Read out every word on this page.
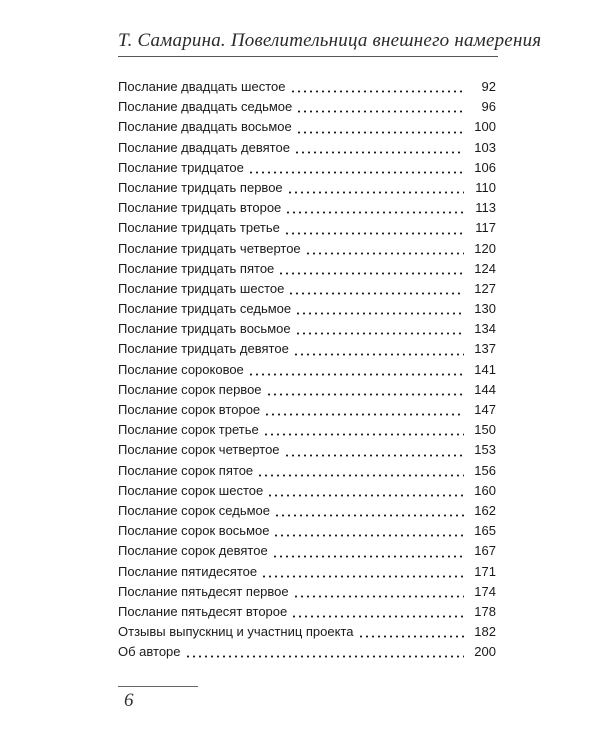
Т. Самарина. Повелительница внешнего намерения
Послание двадцать шестое	92
Послание двадцать седьмое	96
Послание двадцать восьмое	100
Послание двадцать девятое	103
Послание тридцатое	106
Послание тридцать первое	110
Послание тридцать второе	113
Послание тридцать третье	117
Послание тридцать четвертое	120
Послание тридцать пятое	124
Послание тридцать шестое	127
Послание тридцать седьмое	130
Послание тридцать восьмое	134
Послание тридцать девятое	137
Послание сороковое	141
Послание сорок первое	144
Послание сорок второе	147
Послание сорок третье	150
Послание сорок четвертое	153
Послание сорок пятое	156
Послание сорок шестое	160
Послание сорок седьмое	162
Послание сорок восьмое	165
Послание сорок девятое	167
Послание пятидесятое	171
Послание пятьдесят первое	174
Послание пятьдесят второе	178
Отзывы выпускниц и участниц проекта	182
Об авторе	200
6
